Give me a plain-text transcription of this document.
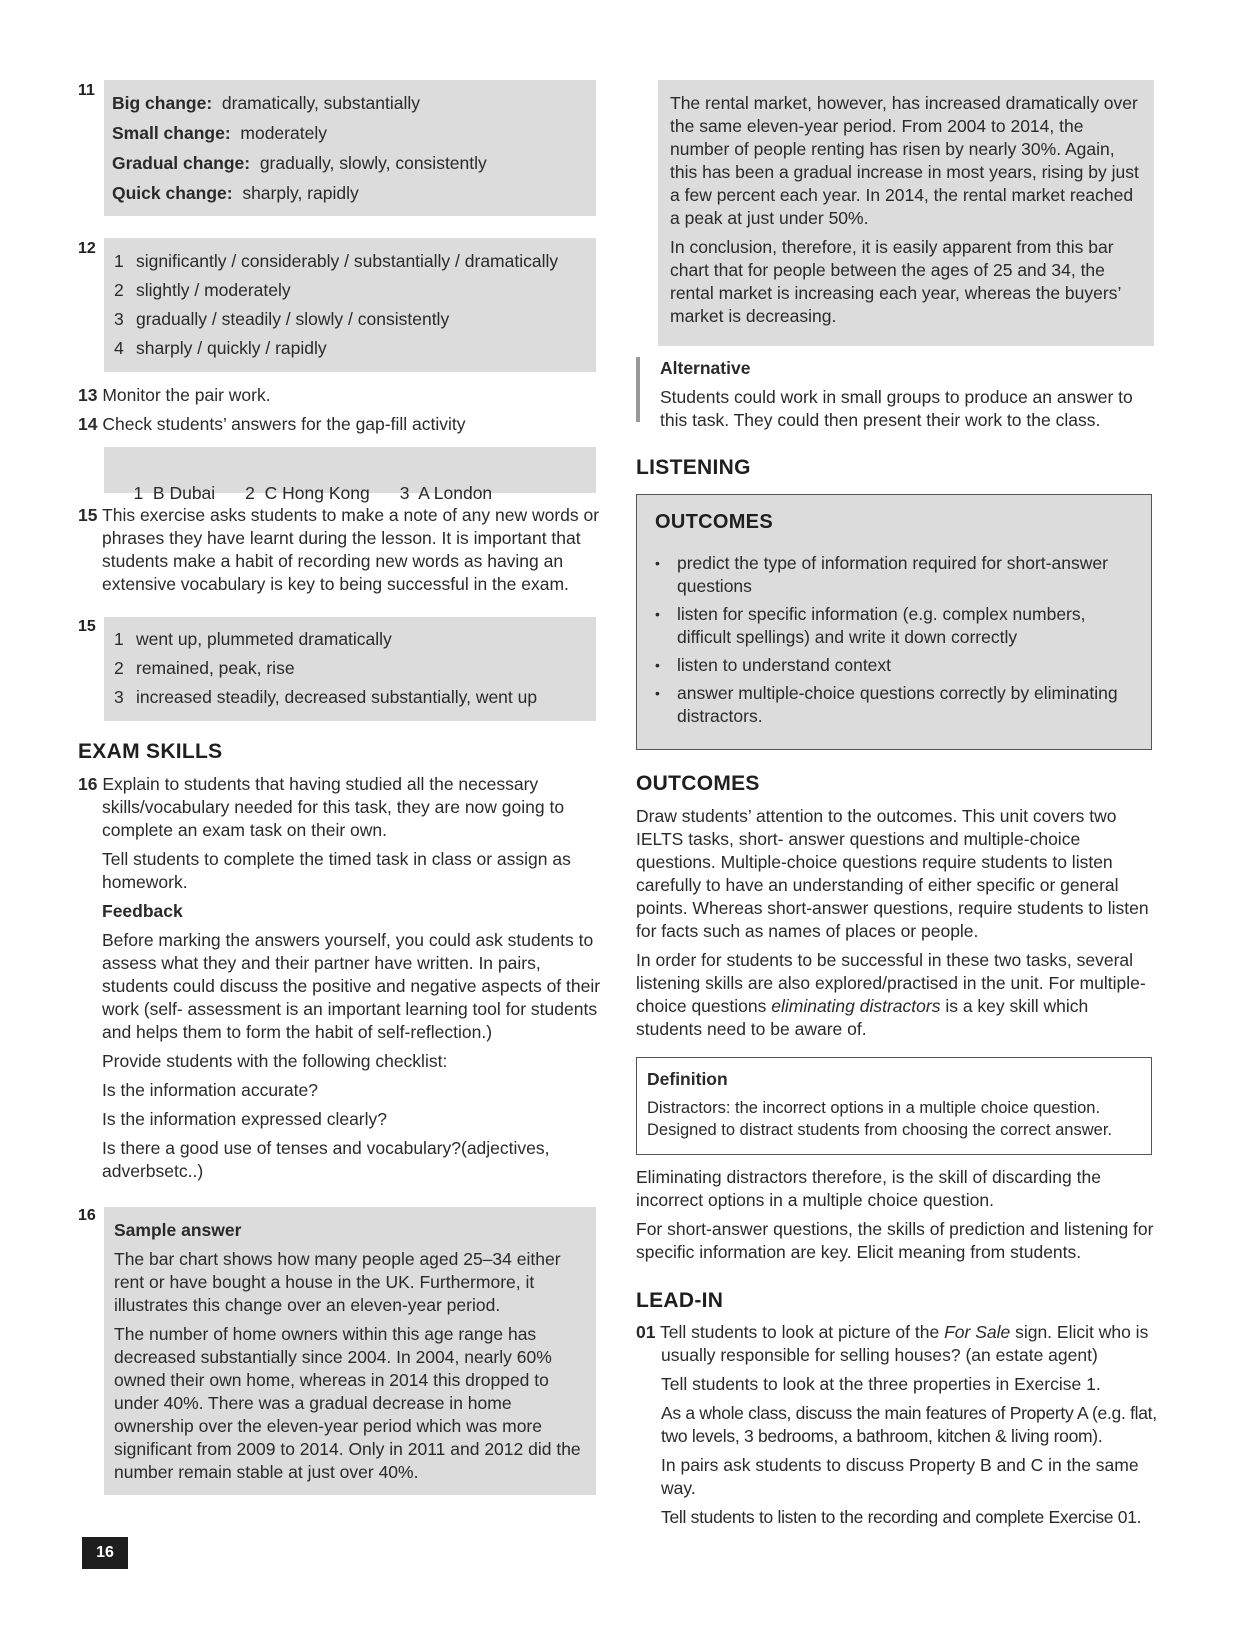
11

Big change: dramatically, substantially

Small change: moderately

Gradual change: gradually, slowly, consistently

Quick change: sharply, rapidly

12
1 significantly / considerably / substantially / dramatically
2 slightly / moderately
3 gradually / steadily / slowly / consistently
4 sharply / quickly / rapidly

13 Monitor the pair work.

14 Check students’ answers for the gap-fill activity

1  B Dubai 2  C Hong Kong 3  A London

15 This exercise asks students to make a note of any new words or phrases they have learnt during the lesson. It is important that students make a habit of recording new words as having an extensive vocabulary is key to being successful in the exam.

15
1 went up, plummeted dramatically
2 remained, peak, rise
3 increased steadily, decreased substantially, went up
EXAM SKILLS

16 Explain to students that having studied all the necessary skills/vocabulary needed for this task, they are now going to complete an exam task on their own.

Tell students to complete the timed task in class or assign as homework.

Feedback

Before marking the answers yourself, you could ask students to assess what they and their partner have written. In pairs, students could discuss the positive and negative aspects of their work (self- assessment is an important learning tool for students and helps them to form the habit of self-reflection.)

Provide students with the following checklist:

Is the information accurate?

Is the information expressed clearly?

Is there a good use of tenses and vocabulary?(adjectives, adverbsetc..)

16

Sample answer

The bar chart shows how many people aged 25–34 either rent or have bought a house in the UK. Furthermore, it illustrates this change over an eleven-year period.

The number of home owners within this age range has decreased substantially since 2004. In 2004, nearly 60% owned their own home, whereas in 2014 this dropped to under 40%. There was a gradual decrease in home ownership over the eleven-year period which was more significant from 2009 to 2014. Only in 2011 and 2012 did the number remain stable at just over 40%.

16

The rental market, however, has increased dramatically over the same eleven-year period. From 2004 to 2014, the number of people renting has risen by nearly 30%. Again, this has been a gradual increase in most years, rising by just a few percent each year. In 2014, the rental market reached a peak at just under 50%.

In conclusion, therefore, it is easily apparent from this bar chart that for people between the ages of 25 and 34, the rental market is increasing each year, whereas the buyers’ market is decreasing.

Alternative

Students could work in small groups to produce an answer to this task. They could then present their work to the class.

LISTENING

OUTCOMES

• predict the type of information required for short-answer questions
• listen for specific information (e.g. complex numbers, difficult spellings) and write it down correctly
• listen to understand context
• answer multiple-choice questions correctly by eliminating distractors.
OUTCOMES

Draw students’ attention to the outcomes. This unit covers two IELTS tasks, short- answer questions and multiple-choice questions. Multiple-choice questions require students to listen carefully to have an understanding of either specific or general points. Whereas short-answer questions, require students to listen for facts such as names of places or people.

In order for students to be successful in these two tasks, several listening skills are also explored/practised in the unit. For multiple-choice questions eliminating distractors is a key skill which students need to be aware of.

Definition

Distractors: the incorrect options in a multiple choice question. Designed to distract students from choosing the correct answer.

Eliminating distractors therefore, is the skill of discarding the incorrect options in a multiple choice question.

For short-answer questions, the skills of prediction and listening for specific information are key. Elicit meaning from students.

LEAD-IN

01 Tell students to look at picture of the For Sale sign. Elicit who is usually responsible for selling houses? (an estate agent)

Tell students to look at the three properties in Exercise 1.

As a whole class, discuss the main features of Property A (e.g. flat, two levels, 3 bedrooms, a bathroom, kitchen & living room).

In pairs ask students to discuss Property B and C in the same way.

Tell students to listen to the recording and complete Exercise 01.
